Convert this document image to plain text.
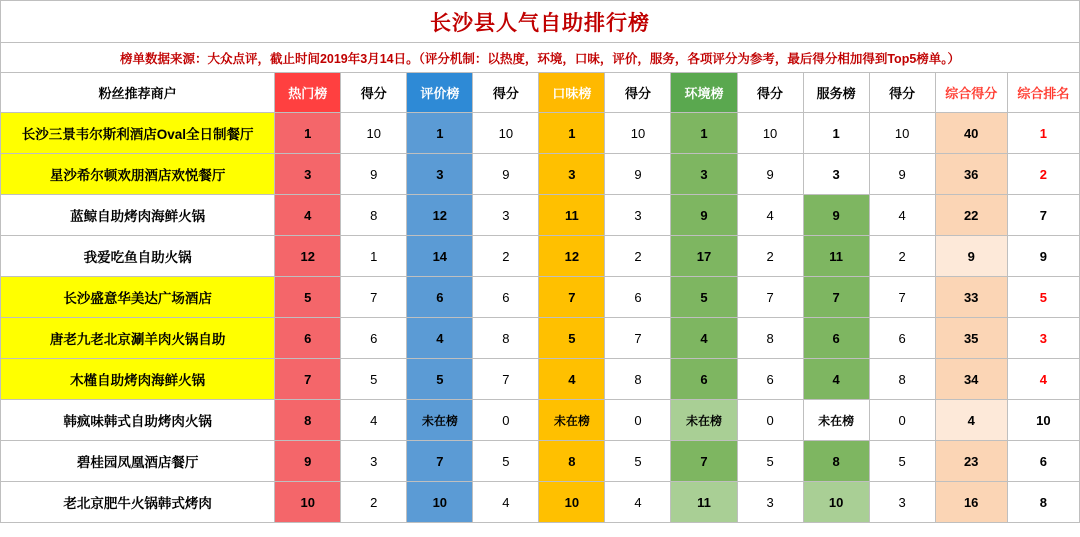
长沙县人气自助排行榜												
榜单数据来源：大众点评，截止时间2019年3月14日。（评分机制：以热度，环境，口味，评价，服务，各项评分为参考，最后得分相加得到Top5榜单。）												
粉丝推荐商户	热门榜	得分	评价榜	得分	口味榜	得分	环境榜	得分	服务榜	得分	综合得分	综合排名
长沙三景韦尔斯利酒店Oval全日制餐厅	1	10	1	10	1	10	1	10	1	10	40	1
星沙希尔顿欢朋酒店欢悦餐厅	3	9	3	9	3	9	3	9	3	9	36	2
蓝鲸自助烤肉海鲜火锅	4	8	12	3	11	3	9	4	9	4	22	7
我爱吃鱼自助火锅	12	1	14	2	12	2	17	2	11	2	9	9
长沙盛意华美达广场酒店	5	7	6	6	7	6	5	7	7	7	33	5
唐老九老北京涮羊肉火锅自助	6	6	4	8	5	7	4	8	6	6	35	3
木槿自助烤肉海鲜火锅	7	5	5	7	4	8	6	6	4	8	34	4
韩疯味韩式自助烤肉火锅	8	4	未在榜	0	未在榜	0	未在榜	0	未在榜	0	4	10
碧桂园凤凰酒店餐厅	9	3	7	5	8	5	7	5	8	5	23	6
老北京肥牛火锅韩式烤肉	10	2	10	4	10	4	11	3	10	3	16	8
